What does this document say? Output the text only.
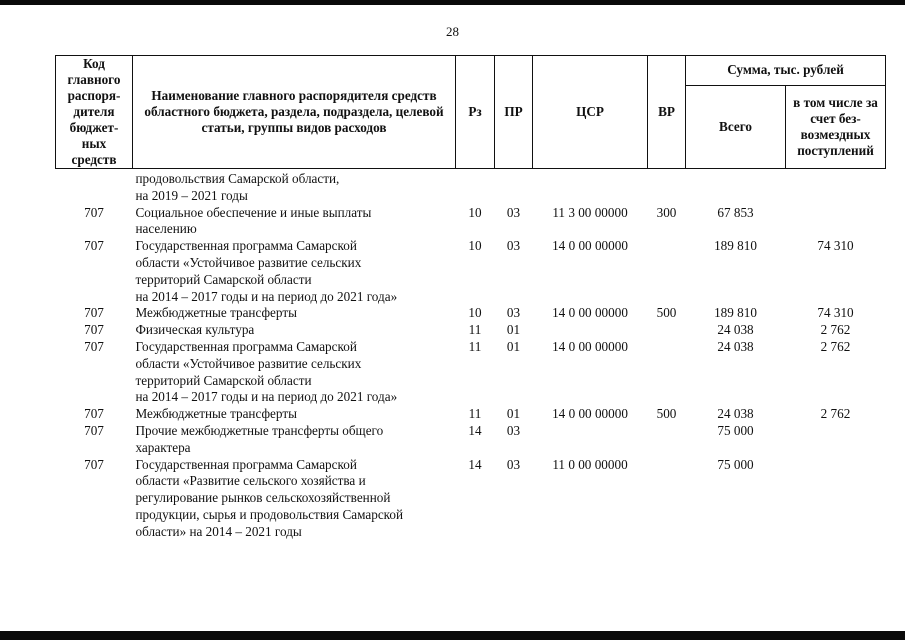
28
Код главного распоря-дителя бюджет-ных средств	Наименование главного распорядителя средств областного бюджета, раздела, подраздела, целевой статьи, группы видов расходов	Рз	ПР	ЦСР	ВР	Сумма, тыс. рублей	
						Всего	в том числе за счет без-возмездных поступлений
	продовольствия Самарской области,
на 2019 – 2021 годы						
707	Социальное обеспечение и иные выплаты
населению	10	03	11 3 00 00000	300	67 853	
707	Государственная программа Самарской
области «Устойчивое развитие сельских
территорий Самарской области
на 2014 – 2017 годы и на период до 2021 года»	10	03	14 0 00 00000		189 810	74 310
707	Межбюджетные трансферты	10	03	14 0 00 00000	500	189 810	74 310
707	Физическая культура	11	01			24 038	2 762
707	Государственная программа Самарской
области «Устойчивое развитие сельских
территорий Самарской области
на 2014 – 2017 годы и на период до 2021 года»	11	01	14 0 00 00000		24 038	2 762
707	Межбюджетные трансферты	11	01	14 0 00 00000	500	24 038	2 762
707	Прочие межбюджетные трансферты общего
характера	14	03			75 000	
707	Государственная программа Самарской
области «Развитие сельского хозяйства и
регулирование рынков сельскохозяйственной
продукции, сырья и продовольствия Самарской
области» на 2014 – 2021 годы	14	03	11 0 00 00000		75 000	
